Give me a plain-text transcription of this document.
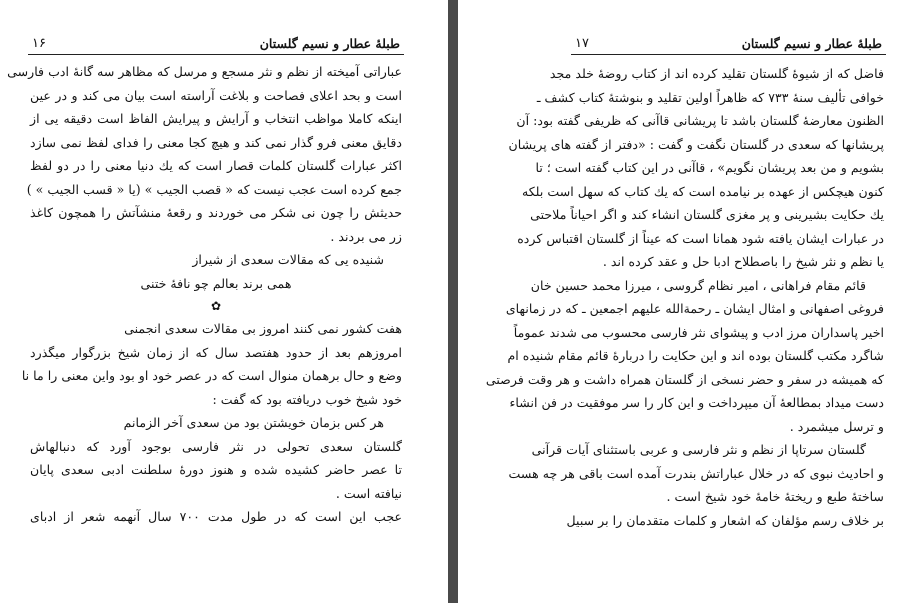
طبلهٔ عطار و نسیم گلستان
۱۶
عباراتی آمیخته از نظم و نثر مسجع و مرسل که مظاهر سه گانهٔ ادب فارسی
است و بحد اعلای فصاحت و بلاغت آراسته است بیان می کند و در عین
اینکه کاملا مواظب انتخاب و آرایش و پیرایش الفاظ است دقیقه یی از
دقایق معنی فرو گذار نمی کند و هیچ کجا معنی را فدای لفظ نمی سازد
اکثر عبارات گلستان کلمات قصار است که یك دنیا معنی را در دو لفظ
جمع کرده است عجب نیست که « قصب الجیب » (یا « قسب الجیب » )
حدیثش را چون نی شکر می خوردند و رقعهٔ منشآتش را همچون کاغذ
زر می بردند .
شنیده یی که مقالات سعدی از شیراز
همی برند بعالم چو نافهٔ ختنی
✿
هفت کشور نمی کنند امروز بی مقالات سعدی انجمنی
امروزهم بعد از حدود هفتصد سال که از زمان شیخ بزرگوار میگذرد
وضع و حال برهمان منوال است که در عصر خود او بود واین معنی را ما نا
خود شیخ خوب دریافته بود که گفت :
هر کس بزمان خویشتن بود من سعدی آخر الزمانم
گلستان سعدی تحولی در نثر فارسی بوجود آورد که دنبالهاش
تا عصر حاضر کشیده شده و هنوز دورهٔ سلطنت ادبی سعدی پایان
نیافته است .
عجب این است که در طول مدت ۷۰۰ سال آنهمه شعر از ادبای
طبلهٔ عطار و نسیم گلستان
۱۷
فاضل که از شیوهٔ گلستان تقلید کرده اند از کتاب روضهٔ خلد مجد
خوافی تألیف سنهٔ ۷۳۳ که ظاهراً اولین تقلید و بنوشتهٔ کتاب کشف ـ
الظنون معارضهٔ گلستان باشد تا پریشانی قاآنی که ظریفی گفته بود: آن
پریشانها که سعدی در گلستان نگفت و گفت : «دفتر از گفته های پریشان
بشویم و من بعد پریشان نگویم» ، قاآنی در این کتاب گفته است ؛ تا
کنون هیچکس از عهده بر نیامده است که یك کتاب که سهل است بلکه
یك حکایت بشیرینی و پر مغزی گلستان انشاء کند و اگر احیاناً ملاحتی
در عبارات ایشان یافته شود همانا است که عیناً از گلستان اقتباس کرده
یا نظم و نثر شیخ را باصطلاح ادبا حل و عقد کرده اند .
قائم مقام فراهانی ، امیر نظام گروسی ، میرزا محمد حسین خان
فروغی اصفهانی و امثال ایشان ـ رحمةالله علیهم اجمعین ـ که در زمانهای
اخیر پاسداران مرز ادب و پیشوای نثر فارسی محسوب می شدند عموماً
شاگرد مکتب گلستان بوده اند و این حکایت را دربارهٔ قائم مقام شنیده ام
که همیشه در سفر و حضر نسخی از گلستان همراه داشت و هر وقت فرصتی
دست میداد بمطالعهٔ آن میپرداخت و این کار را سر موفقیت در فن انشاء
و ترسل میشمرد .
گلستان سرتاپا از نظم و نثر فارسی و عربی باستثنای آیات قرآنی
و احادیث نبوی که در خلال عباراتش بندرت آمده است باقی هر چه هست
ساختهٔ طبع و ریختهٔ خامهٔ خود شیخ است .
بر خلاف رسم مؤلفان که اشعار و کلمات متقدمان را بر سبیل
